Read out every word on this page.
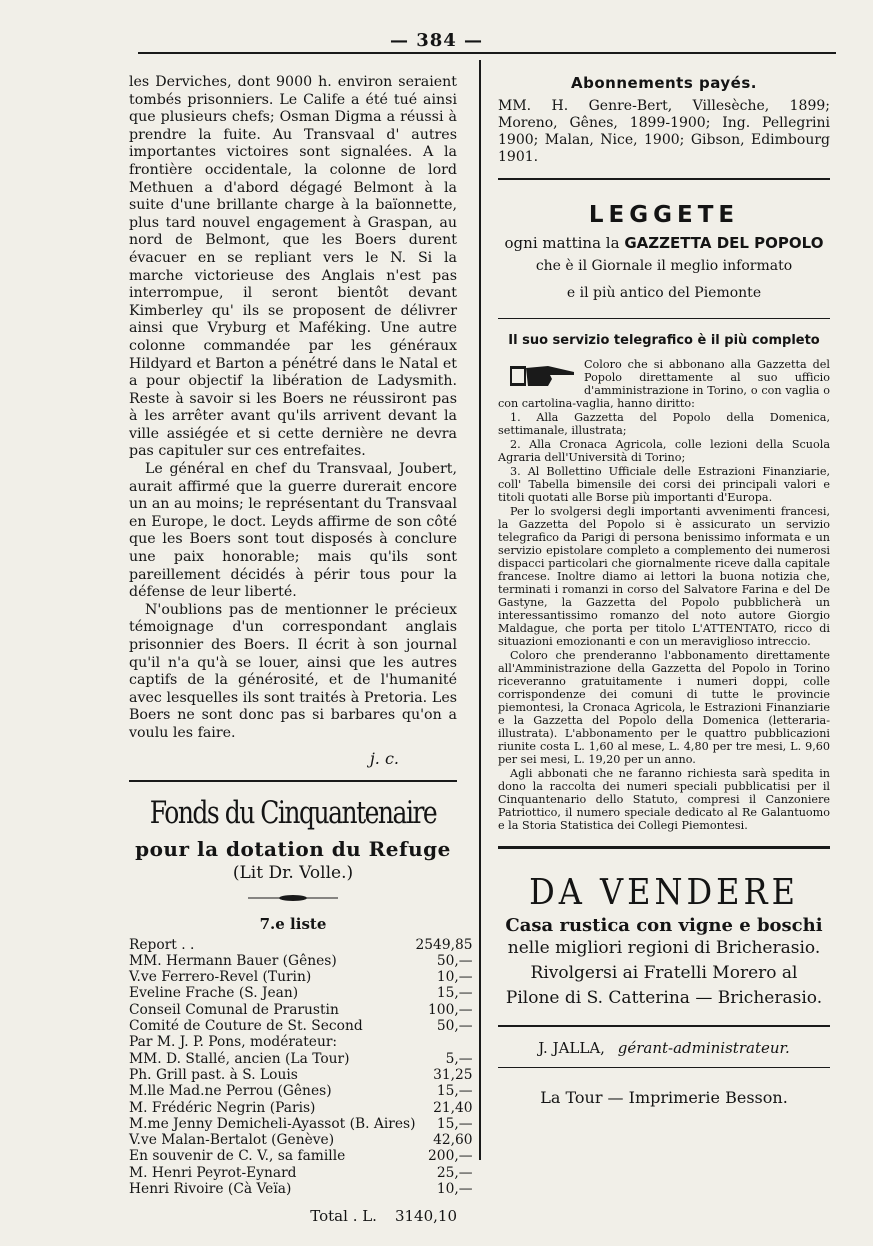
— 384 —

les Derviches, dont 9000 h. environ seraient tombés prisonniers. Le Calife a été tué ainsi que plusieurs chefs; Osman Digma a réussi à prendre la fuite. Au Transvaal d' autres importantes victoires sont signalées. A la frontière occidentale, la colonne de lord Methuen a d'abord dégagé Belmont à la suite d'une brillante charge à la baïonnette, plus tard nouvel engagement à Graspan, au nord de Belmont, que les Boers durent évacuer en se repliant vers le N. Si la marche victorieuse des Anglais n'est pas interrompue, il seront bientôt devant Kimberley qu' ils se proposent de délivrer ainsi que Vryburg et Maféking. Une autre colonne commandée par les généraux Hildyard et Barton a pénétré dans le Natal et a pour objectif la libération de Ladysmith. Reste à savoir si les Boers ne réussiront pas à les arrêter avant qu'ils arrivent devant la ville assiégée et si cette dernière ne devra pas capituler sur ces entrefaites.

Le général en chef du Transvaal, Joubert, aurait affirmé que la guerre durerait encore un an au moins; le représentant du Transvaal en Europe, le doct. Leyds affirme de son côté que les Boers sont tout disposés à conclure une paix honorable; mais qu'ils sont pareillement décidés à périr tous pour la défense de leur liberté.

N'oublions pas de mentionner le précieux témoignage d'un correspondant anglais prisonnier des Boers. Il écrit à son journal qu'il n'a qu'à se louer, ainsi que les autres captifs de la générosité, et de l'humanité avec lesquelles ils sont traités à Pretoria. Les Boers ne sont donc pas si barbares qu'on a voulu les faire.

j. c.
Fonds du Cinquantenaire
pour la dotation du Refuge
(Lit Dr. Volle.)
7.e liste
Report . .	2549,85
MM. Hermann Bauer (Gênes)	50,—
V.ve Ferrero-Revel (Turin)	10,—
Eveline Frache (S. Jean)	15,—
Conseil Comunal de Prarustin	100,—
Comité de Couture de St. Second	50,—
Par M. J. P. Pons, modérateur:	
MM. D. Stallé, ancien (La Tour)	5,—
Ph. Grill past. à S. Louis	31,25
M.lle Mad.ne Perrou (Gênes)	15,—
M. Frédéric Negrin (Paris)	21,40
M.me Jenny Demicheli-Ayassot (B. Aires)	15,—
V.ve Malan-Bertalot (Genève)	42,60
En souvenir de C. V., sa famille	200,—
M. Henri Peyrot-Eynard	25,—
Henri Rivoire (Cà Veïa)	10,—
Total . L. 3140,10
Abonnements payés.
MM. H. Genre-Bert, Villesèche, 1899; Moreno, Gênes, 1899-1900; Ing. Pellegrini 1900; Malan, Nice, 1900; Gibson, Edimbourg 1901.
LEGGETE
ogni mattina la GAZZETTA DEL POPOLO
che è il Giornale il meglio informato
e il più antico del Piemonte
Il suo servizio telegrafico è il più completo

Coloro che si abbonano alla Gazzetta del Popolo direttamente al suo ufficio d'amministrazione in Torino, o con vaglia o con cartolina-vaglia, hanno diritto:

1. Alla Gazzetta del Popolo della Domenica, settimanale, illustrata;

2. Alla Cronaca Agricola, colle lezioni della Scuola Agraria dell'Università di Torino;

3. Al Bollettino Ufficiale delle Estrazioni Finanziarie, coll' Tabella bimensile dei corsi dei principali valori e titoli quotati alle Borse più importanti d'Europa.

Per lo svolgersi degli importanti avvenimenti francesi, la Gazzetta del Popolo si è assicurato un servizio telegrafico da Parigi di persona benissimo informata e un servizio epistolare completo a complemento dei numerosi dispacci particolari che giornalmente riceve dalla capitale francese. Inoltre diamo ai lettori la buona notizia che, terminati i romanzi in corso del Salvatore Farina e del De Gastyne, la Gazzetta del Popolo pubblicherà un interessantissimo romanzo del noto autore Giorgio Maldague, che porta per titolo L'ATTENTATO, ricco di situazioni emozionanti e con un meraviglioso intreccio.

Coloro che prenderanno l'abbonamento direttamente all'Amministrazione della Gazzetta del Popolo in Torino riceveranno gratuitamente i numeri doppi, colle corrispondenze dei comuni di tutte le provincie piemontesi, la Cronaca Agricola, le Estrazioni Finanziarie e la Gazzetta del Popolo della Domenica (letteraria-illustrata). L'abbonamento per le quattro pubblicazioni riunite costa L. 1,60 al mese, L. 4,80 per tre mesi, L. 9,60 per sei mesi, L. 19,20 per un anno.

Agli abbonati che ne faranno richiesta sarà spedita in dono la raccolta dei numeri speciali pubblicatisi per il Cinquantenario dello Statuto, compresi il Canzoniere Patriottico, il numero speciale dedicato al Re Galantuomo e la Storia Statistica dei Collegi Piemontesi.

DA VENDERE
Casa rustica con vigne e boschi
nelle migliori regioni di Bricherasio.
Rivolgersi ai Fratelli Morero al
Pilone di S. Catterina — Bricherasio.
J. JALLA, gérant-administrateur.
La Tour — Imprimerie Besson.
